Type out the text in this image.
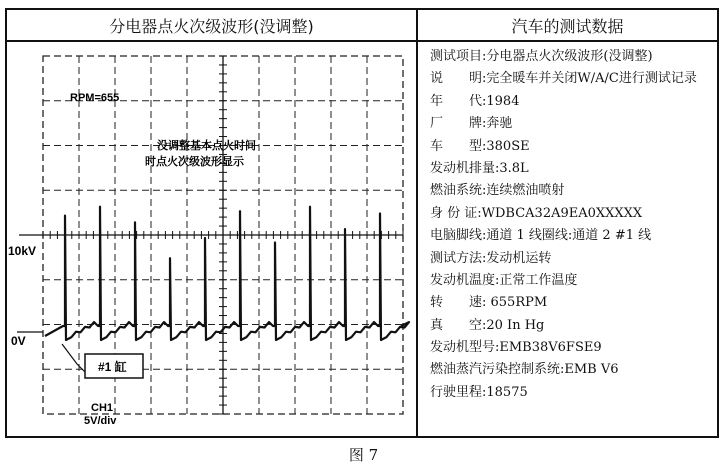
分电器点火次级波形(没调整)	汽车的测试数据
RPM=655
没调整基本点火时间
时点火次级波形显示
10kV
0V
#1 缸
CH1
5V/div
测试项目:分电器点火次级波形(没调整)
说　　明:完全暖车并关闭W/A/C进行测试记录
年　　代:1984
厂　　牌:奔驰
车　　型:380SE
发动机排量:3.8L
燃油系统:连续燃油喷射
身 份 证:WDBCA32A9EA0XXXXX
电脑脚线:通道 1 线圈线:通道 2 #1 线
测试方法:发动机运转
发动机温度:正常工作温度
转　　速: 655RPM
真　　空:20 In Hg
发动机型号:EMB38V6FSE9
燃油蒸汽污染控制系统:EMB V6
行驶里程:18575
图 7
